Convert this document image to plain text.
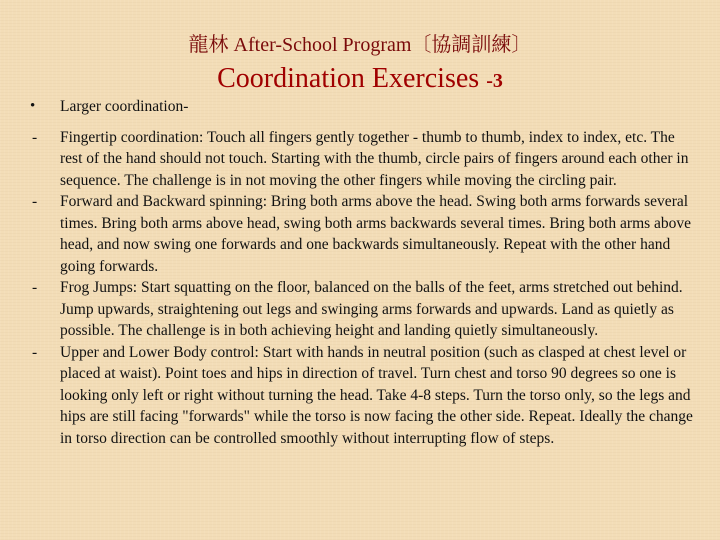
龍林 After-School Program〔協調訓練〕
Coordination Exercises -3
• Larger coordination-
- Fingertip coordination: Touch all fingers gently together - thumb to thumb, index to index, etc. The rest of the hand should not touch. Starting with the thumb, circle pairs of fingers around each other in sequence. The challenge is in not moving the other fingers while moving the circling pair.
- Forward and Backward spinning: Bring both arms above the head. Swing both arms forwards several times. Bring both arms above head, swing both arms backwards several times. Bring both arms above head, and now swing one forwards and one backwards simultaneously. Repeat with the other hand going forwards.
- Frog Jumps: Start squatting on the floor, balanced on the balls of the feet, arms stretched out behind. Jump upwards, straightening out legs and swinging arms forwards and upwards. Land as quietly as possible. The challenge is in both achieving height and landing quietly simultaneously.
- Upper and Lower Body control: Start with hands in neutral position (such as clasped at chest level or placed at waist). Point toes and hips in direction of travel. Turn chest and torso 90 degrees so one is looking only left or right without turning the head. Take 4-8 steps. Turn the torso only, so the legs and hips are still facing "forwards" while the torso is now facing the other side. Repeat. Ideally the change in torso direction can be controlled smoothly without interrupting flow of steps.
